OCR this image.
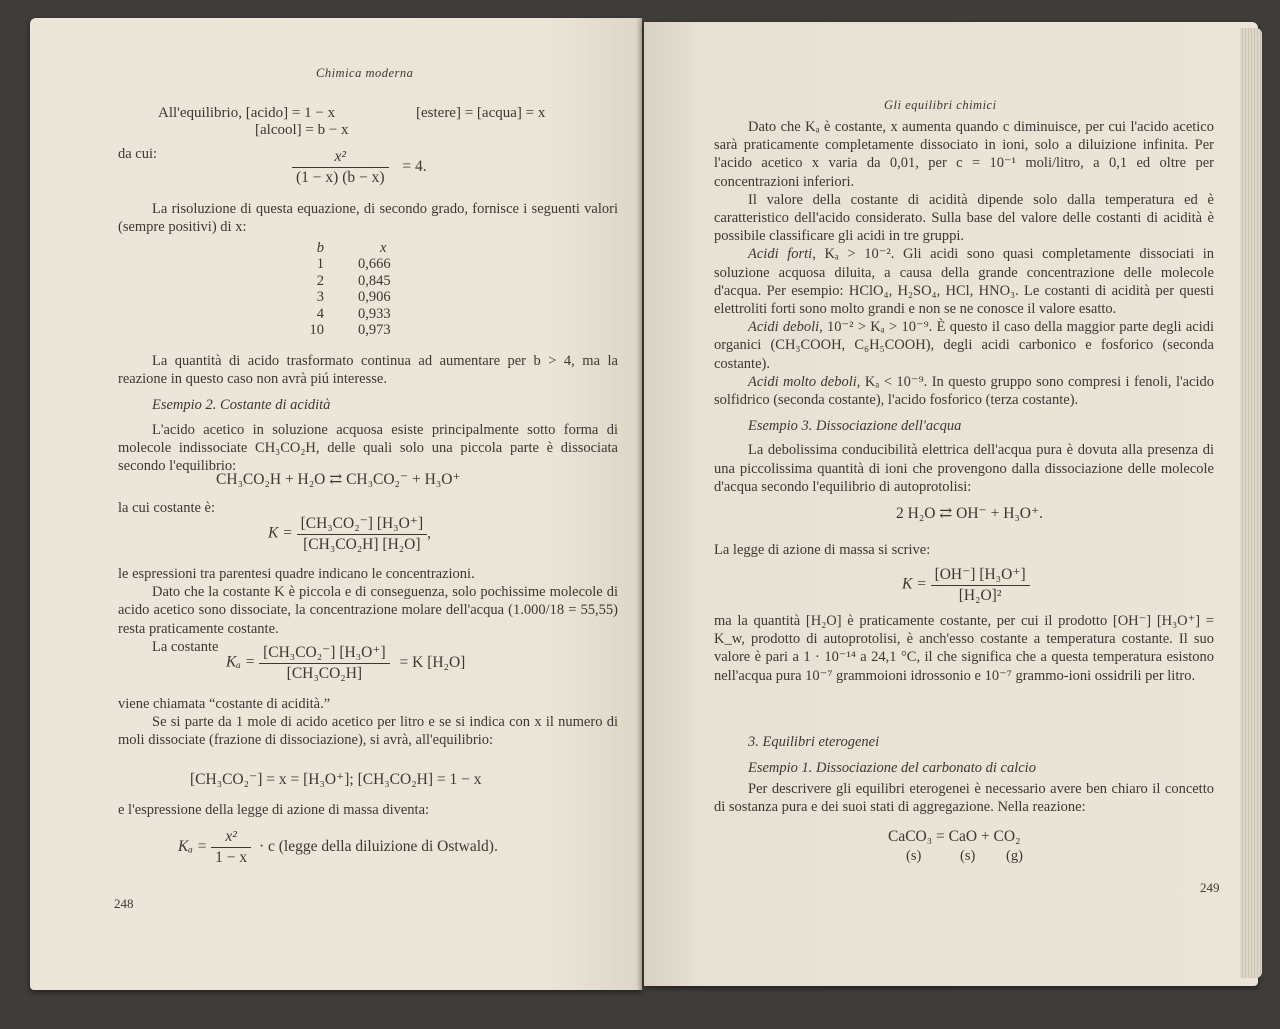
Chimica moderna
All'equilibrio, [acido] = 1 − x
[alcool] = b − x
[estere] = [acqua] = x
da cui:	$\frac{\text{x²}}{(1 - x) (b - x)} = 4$.

La risoluzione di questa equazione, di secondo grado, fornisce i seguenti valori (sempre positivi) di x:

b	x
1	0,666
2	0,845
3	0,906
4	0,933
10	0,973

La quantità di acido trasformato continua ad aumentare per b > 4, ma la reazione in questo caso non avrà piú interesse.

Esempio 2. Costante di acidità

L'acido acetico in soluzione acquosa esiste principalmente sotto forma di molecole indissociate CH₃CO₂H, delle quali solo una piccola parte è dissociata secondo l'equilibrio:

CH₃CO₂H + H₂O ⇄ CH₃CO₂⁻ + H₃O⁺
la cui costante è:
$K = \frac{\text{[CH₃CO₂⁻] [H₃O⁺]}}{\text{[CH₃CO₂H] [H₂O]}}$ ,

le espressioni tra parentesi quadre indicano le concentrazioni.

Dato che la costante K è piccola e di conseguenza, solo pochissime molecole di acido acetico sono dissociate, la concentrazione molare dell'acqua (1.000/18 = 55,55) resta praticamente costante.

La costante

$K_a = \frac{\text{[CH₃CO₂⁻] [H₃O⁺]}}{\text{[CH₃CO₂H]}} = K$ [H₂O]

viene chiamata “costante di acidità.”

Se si parte da 1 mole di acido acetico per litro e se si indica con x il numero di moli dissociate (frazione di dissociazione), si avrà, all'equilibrio:

[CH₃CO₂⁻] = x = [H₃O⁺]; [CH₃CO₂H] = 1 − x

e l'espressione della legge di azione di massa diventa:

$K_a = \frac{\text{x²}}{1 - x} \cdot c$ (legge della diluizione di Ostwald).
248
Gli equilibri chimici

Dato che Kₐ è costante, x aumenta quando c diminuisce, per cui l'acido acetico sarà praticamente completamente dissociato in ioni, solo a diluizione infinita. Per l'acido acetico x varia da 0,01, per c = 10⁻¹ moli/litro, a 0,1 ed oltre per concentrazioni inferiori.

Il valore della costante di acidità dipende solo dalla temperatura ed è caratteristico dell'acido considerato. Sulla base del valore delle costanti di acidità è possibile classificare gli acidi in tre gruppi.

Acidi forti, Kₐ > 10⁻². Gli acidi sono quasi completamente dissociati in soluzione acquosa diluita, a causa della grande concentrazione delle molecole d'acqua. Per esempio: HClO₄, H₂SO₄, HCl, HNO₃. Le costanti di acidità per questi elettroliti forti sono molto grandi e non se ne conosce il valore esatto.

Acidi deboli, 10⁻² > Kₐ > 10⁻⁹. È questo il caso della maggior parte degli acidi organici (CH₃COOH, C₆H₅COOH), degli acidi carbonico e fosforico (seconda costante).

Acidi molto deboli, Kₐ < 10⁻⁹. In questo gruppo sono compresi i fenoli, l'acido solfidrico (seconda costante), l'acido fosforico (terza costante).

Esempio 3. Dissociazione dell'acqua

La debolissima conducibilità elettrica dell'acqua pura è dovuta alla presenza di una piccolissima quantità di ioni che provengono dalla dissociazione delle molecole d'acqua secondo l'equilibrio di autoprotolisi:

2 H₂O ⇄ OH⁻ + H₃O⁺.
La legge di azione di massa si scrive:
$K = \frac{\text{[OH⁻] [H₃O⁺]}}{\text{[H₂O]²}}$

ma la quantità [H₂O] è praticamente costante, per cui il prodotto [OH⁻] [H₃O⁺] = K_w, prodotto di autoprotolisi, è anch'esso costante a temperatura costante. Il suo valore è pari a 1 · 10⁻¹⁴ a 24,1 °C, il che significa che a questa temperatura esistono nell'acqua pura 10⁻⁷ grammoioni idrossonio e 10⁻⁷ grammo-ioni ossidrili per litro.

3. Equilibri eterogenei
Esempio 1. Dissociazione del carbonato di calcio

Per descrivere gli equilibri eterogenei è necessario avere ben chiaro il concetto di sostanza pura e dei suoi stati di aggregazione. Nella reazione:

CaCO₃ = CaO + CO₂
(s)	(s) (g)
249
